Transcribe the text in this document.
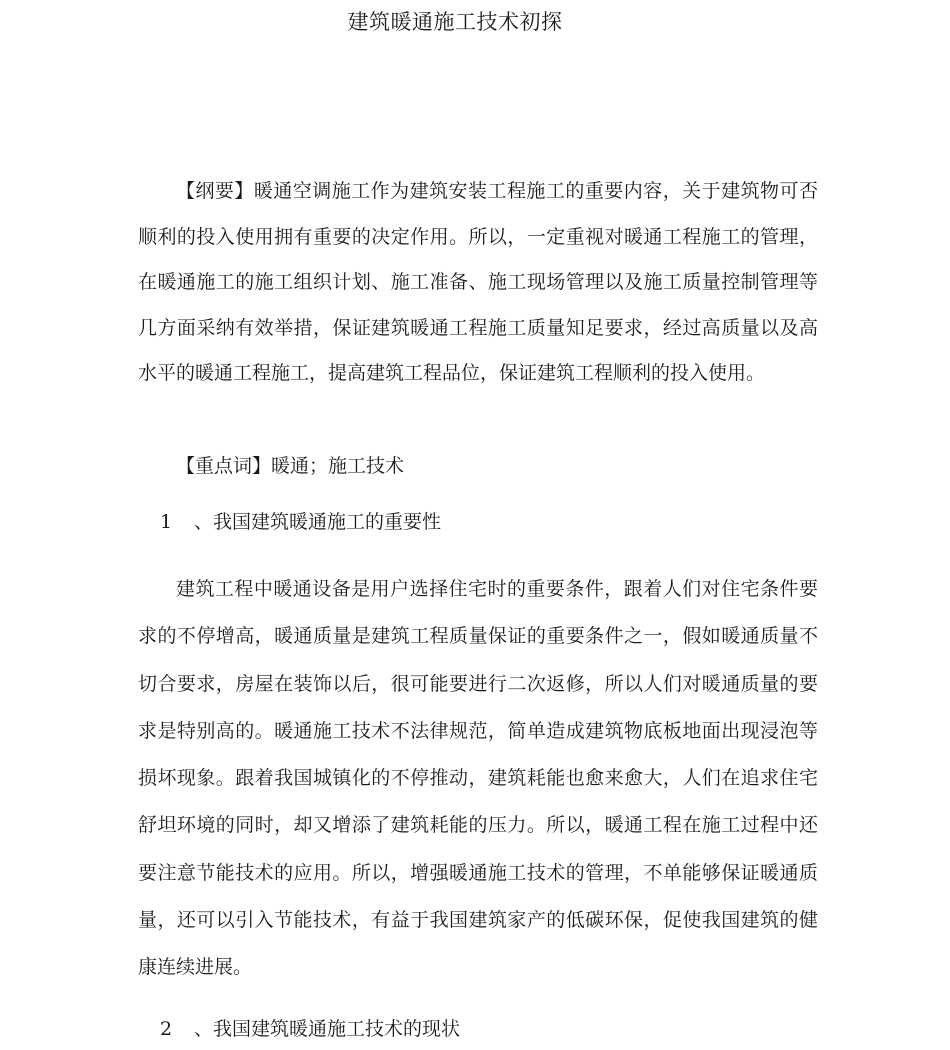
建筑暖通施工技术初探

【纲要】暖通空调施工作为建筑安装工程施工的重要内容，关于建筑物可否顺利的投入使用拥有重要的决定作用。所以，一定重视对暖通工程施工的管理，在暖通施工的施工组织计划、施工准备、施工现场管理以及施工质量控制管理等几方面采纳有效举措，保证建筑暖通工程施工质量知足要求，经过高质量以及高水平的暖通工程施工，提高建筑工程品位，保证建筑工程顺利的投入使用。

【重点词】暖通；施工技术

1 、我国建筑暖通施工的重要性

建筑工程中暖通设备是用户选择住宅时的重要条件，跟着人们对住宅条件要求的不停增高，暖通质量是建筑工程质量保证的重要条件之一，假如暖通质量不切合要求，房屋在装饰以后，很可能要进行二次返修，所以人们对暖通质量的要求是特别高的。暖通施工技术不法律规范，简单造成建筑物底板地面出现浸泡等损坏现象。跟着我国城镇化的不停推动，建筑耗能也愈来愈大，人们在追求住宅舒坦环境的同时，却又增添了建筑耗能的压力。所以，暖通工程在施工过程中还要注意节能技术的应用。所以，增强暖通施工技术的管理，不单能够保证暖通质量，还可以引入节能技术，有益于我国建筑家产的低碳环保，促使我国建筑的健康连续进展。

2 、我国建筑暖通施工技术的现状
